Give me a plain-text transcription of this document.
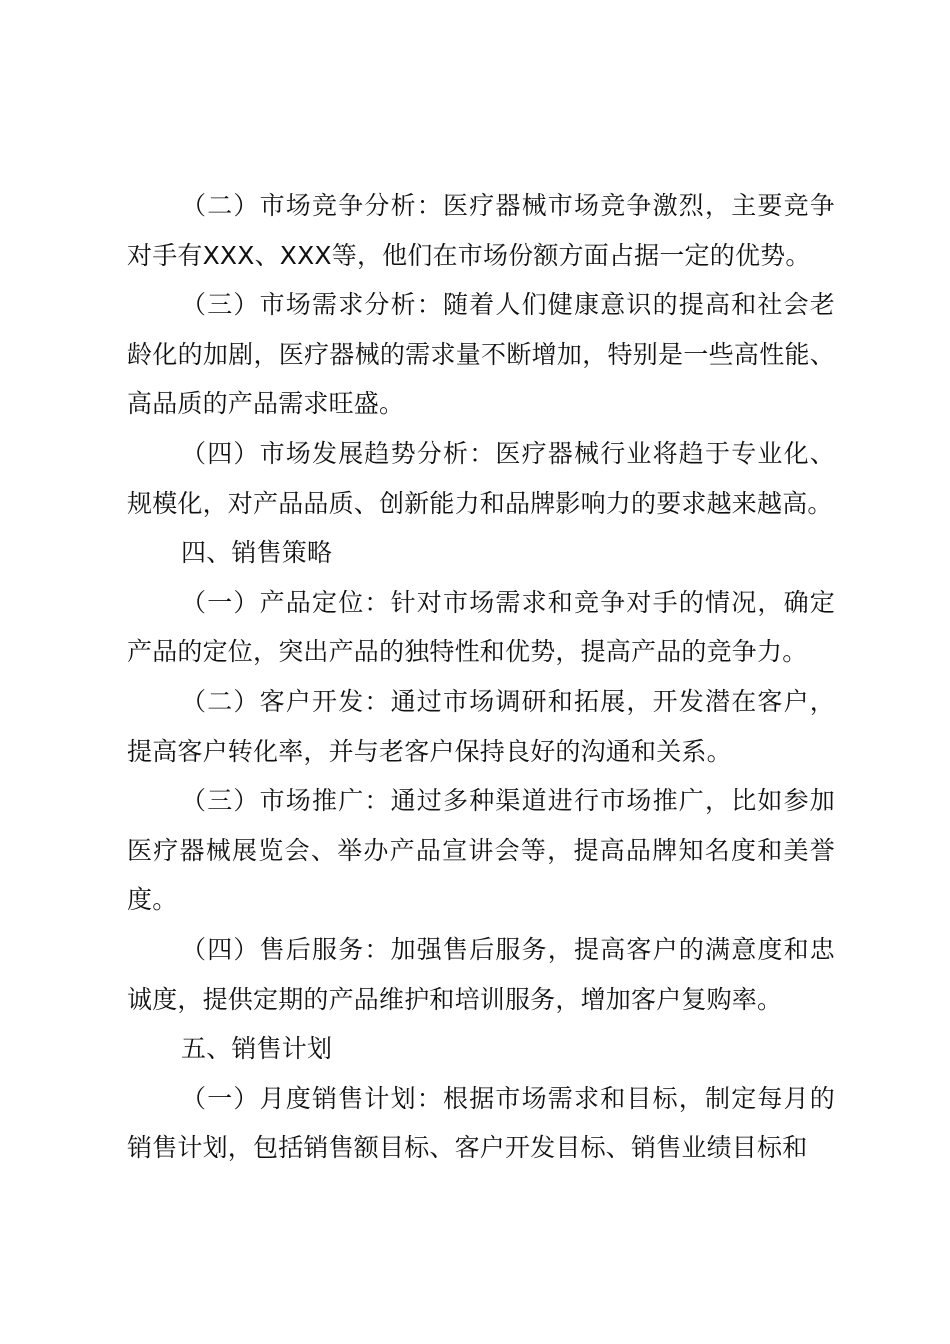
（二）市场竞争分析：医疗器械市场竞争激烈，主要竞争对手有XXX、XXX等，他们在市场份额方面占据一定的优势。

（三）市场需求分析：随着人们健康意识的提高和社会老龄化的加剧，医疗器械的需求量不断增加，特别是一些高性能、高品质的产品需求旺盛。

（四）市场发展趋势分析：医疗器械行业将趋于专业化、规模化，对产品品质、创新能力和品牌影响力的要求越来越高。

四、销售策略

（一）产品定位：针对市场需求和竞争对手的情况，确定产品的定位，突出产品的独特性和优势，提高产品的竞争力。

（二）客户开发：通过市场调研和拓展，开发潜在客户，提高客户转化率，并与老客户保持良好的沟通和关系。

（三）市场推广：通过多种渠道进行市场推广，比如参加医疗器械展览会、举办产品宣讲会等，提高品牌知名度和美誉度。

（四）售后服务：加强售后服务，提高客户的满意度和忠诚度，提供定期的产品维护和培训服务，增加客户复购率。

五、销售计划

（一）月度销售计划：根据市场需求和目标，制定每月的销售计划，包括销售额目标、客户开发目标、销售业绩目标和
